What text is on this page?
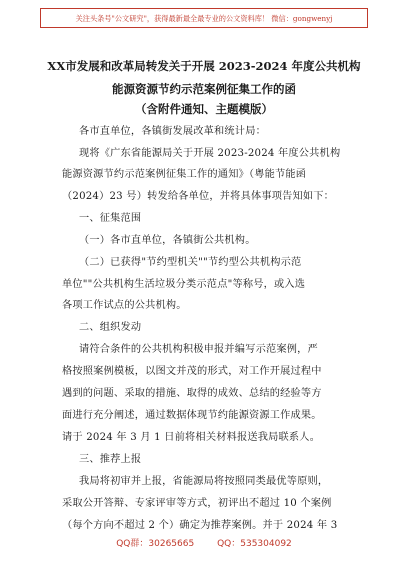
关注头条号"公文研究"，获得最新最全最专业的公文资料库！ 微信：gongwenyj
XX市发展和改革局转发关于开展 2023-2024 年度公共机构
能源资源节约示范案例征集工作的函
（含附件通知、主题模版）
各市直单位，各镇街发展改革和统计局：
现将《广东省能源局关于开展 2023-2024 年度公共机构
能源资源节约示范案例征集工作的通知》（粤能节能函
（2024）23 号）转发给各单位，并将具体事项告知如下：
一、征集范围
（一）各市直单位，各镇街公共机构。
（二）已获得"节约型机关""节约型公共机构示范
单位""公共机构生活垃圾分类示范点"等称号，或入选
各项工作试点的公共机构。
二、组织发动
请符合条件的公共机构积极申报并编写示范案例，严
格按照案例模板，以图文并茂的形式，对工作开展过程中
遇到的问题、采取的措施、取得的成效、总结的经验等方
面进行充分阐述，通过数据体现节约能源资源工作成果。
请于 2024 年 3 月 1 日前将相关材料报送我局联系人。
三、推荐上报
我局将初审并上报，省能源局将按照同类最优等原则，
采取公开答辩、专家评审等方式，初评出不超过 10 个案例
（每个方向不超过 2 个）确定为推荐案例。并于 2024 年 3
QQ群：30265665	QQ：535304092
